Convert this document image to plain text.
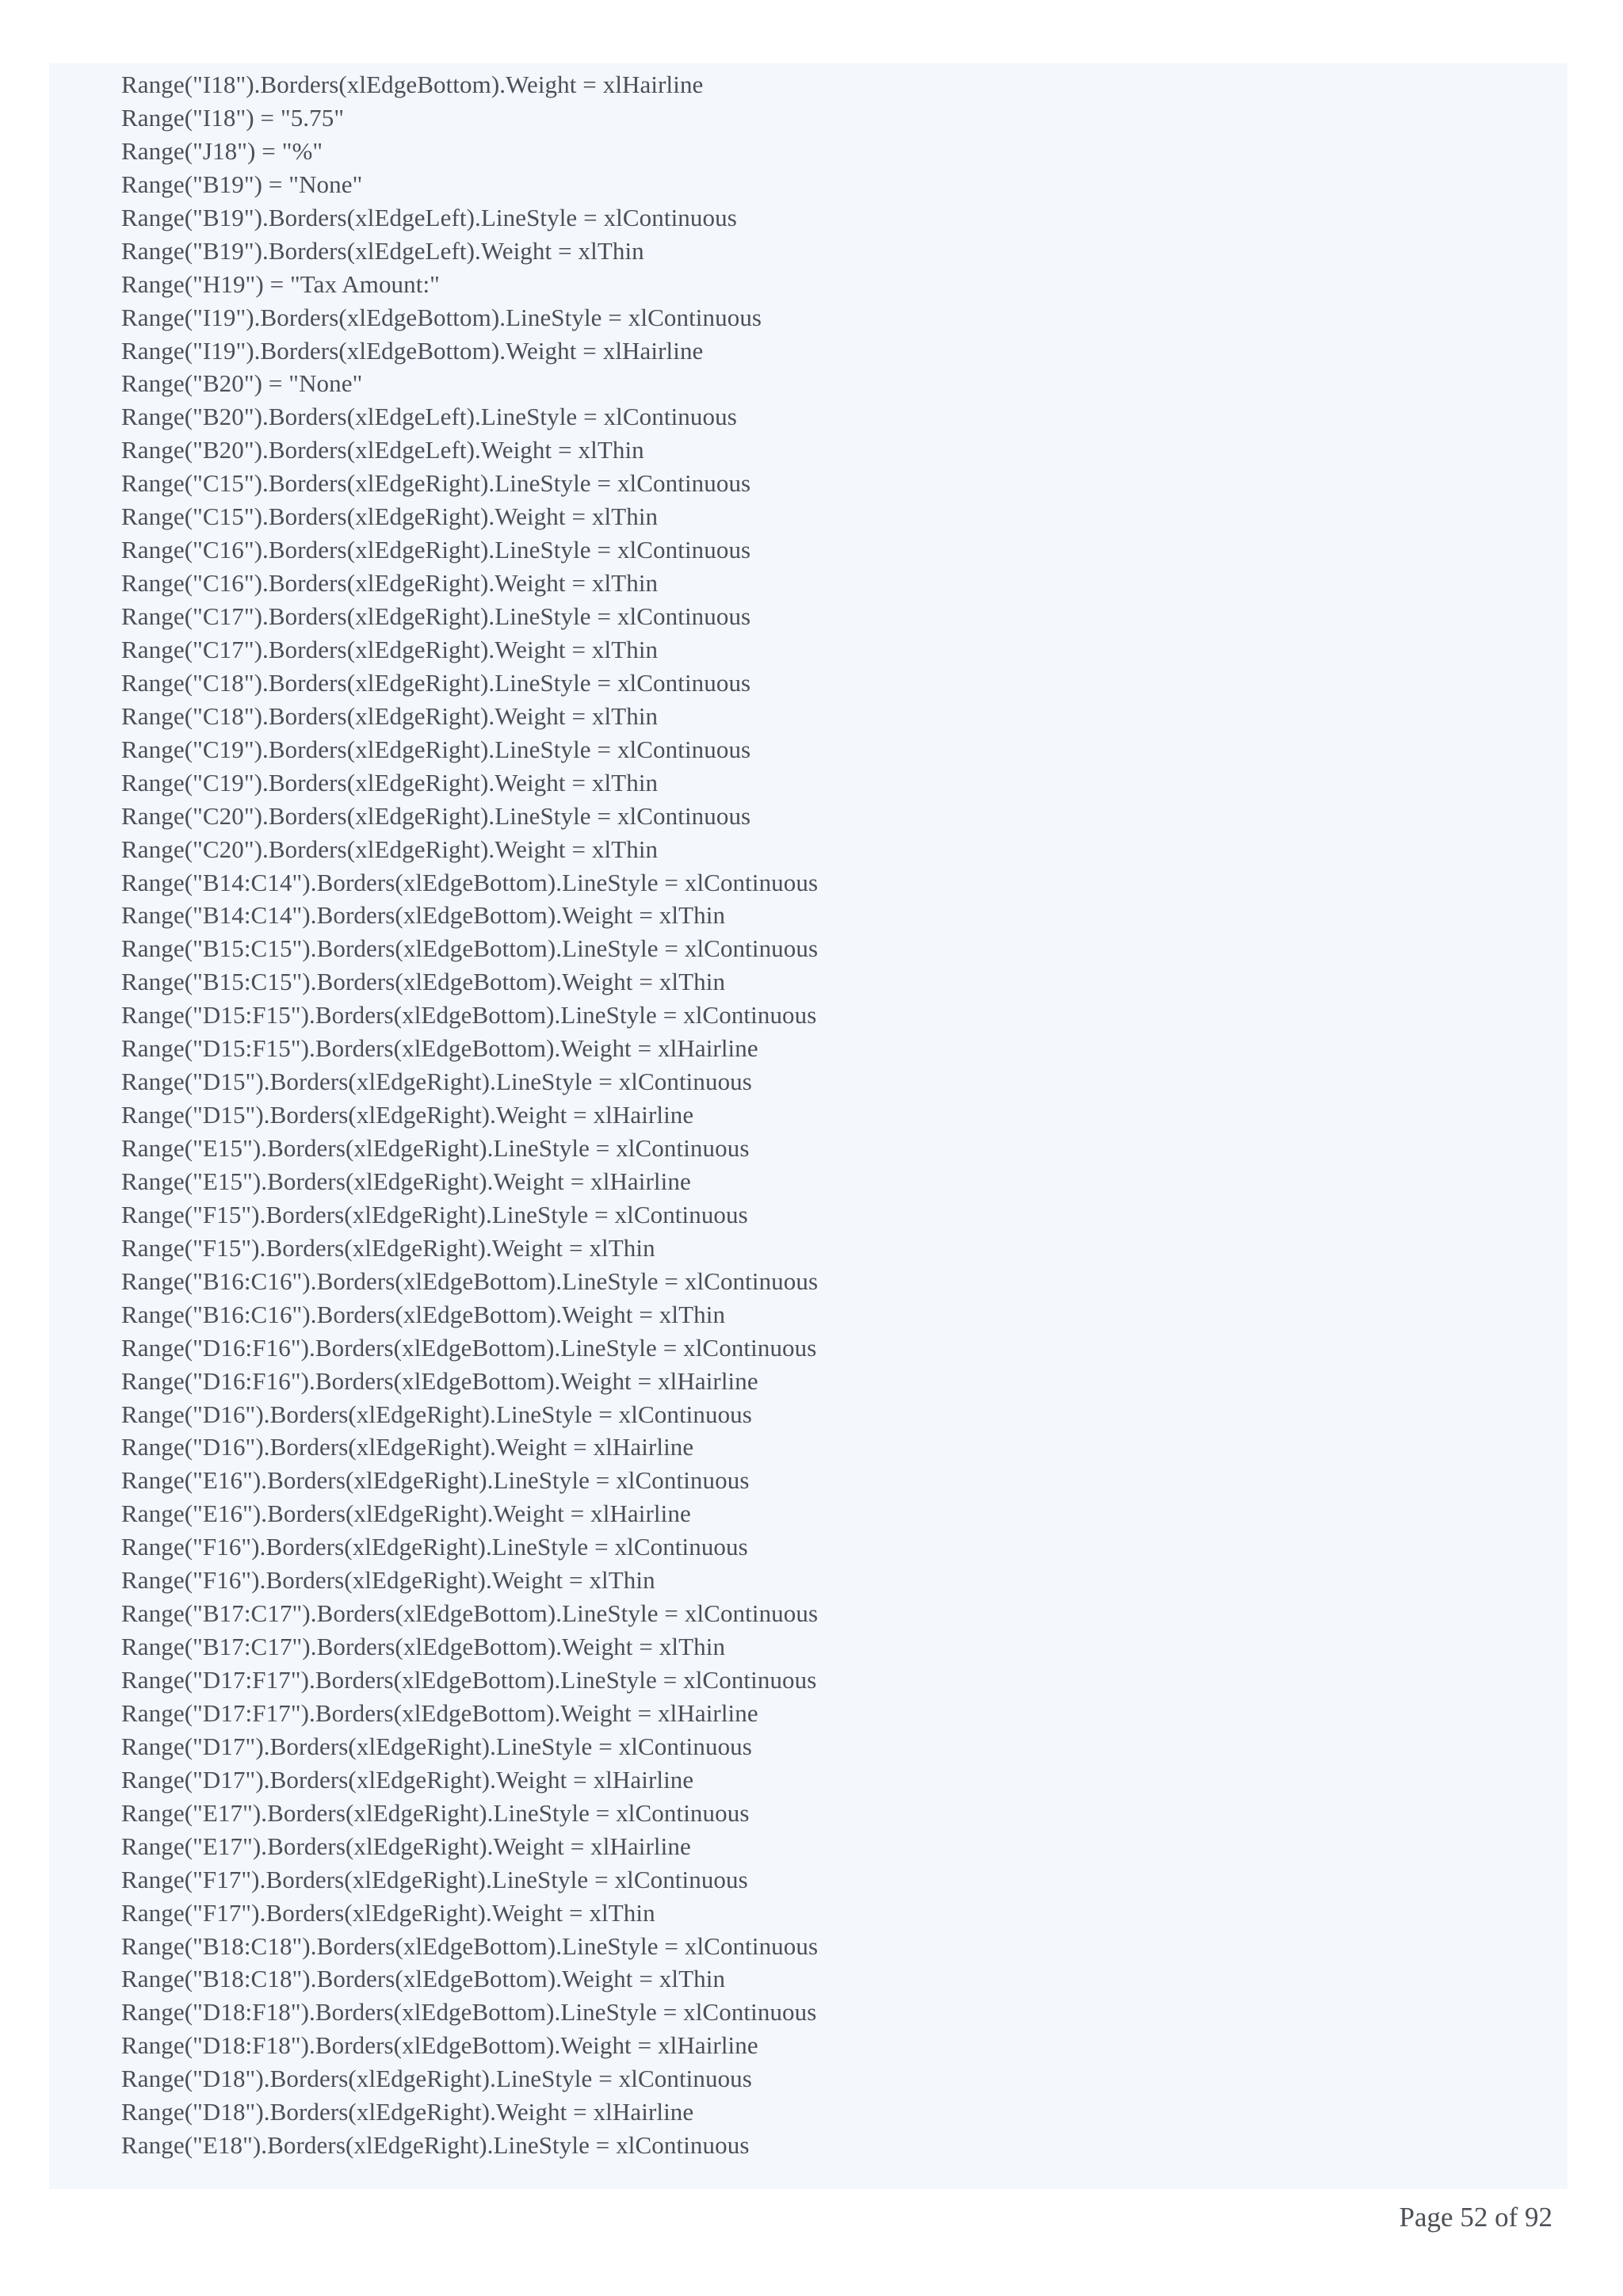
Range("I18").Borders(xlEdgeBottom).Weight = xlHairline
Range("I18") = "5.75"
Range("J18") = "%"
Range("B19") = "None"
Range("B19").Borders(xlEdgeLeft).LineStyle = xlContinuous
Range("B19").Borders(xlEdgeLeft).Weight = xlThin
Range("H19") = "Tax Amount:"
Range("I19").Borders(xlEdgeBottom).LineStyle = xlContinuous
Range("I19").Borders(xlEdgeBottom).Weight = xlHairline
Range("B20") = "None"
Range("B20").Borders(xlEdgeLeft).LineStyle = xlContinuous
Range("B20").Borders(xlEdgeLeft).Weight = xlThin
Range("C15").Borders(xlEdgeRight).LineStyle = xlContinuous
Range("C15").Borders(xlEdgeRight).Weight = xlThin
Range("C16").Borders(xlEdgeRight).LineStyle = xlContinuous
Range("C16").Borders(xlEdgeRight).Weight = xlThin
Range("C17").Borders(xlEdgeRight).LineStyle = xlContinuous
Range("C17").Borders(xlEdgeRight).Weight = xlThin
Range("C18").Borders(xlEdgeRight).LineStyle = xlContinuous
Range("C18").Borders(xlEdgeRight).Weight = xlThin
Range("C19").Borders(xlEdgeRight).LineStyle = xlContinuous
Range("C19").Borders(xlEdgeRight).Weight = xlThin
Range("C20").Borders(xlEdgeRight).LineStyle = xlContinuous
Range("C20").Borders(xlEdgeRight).Weight = xlThin
Range("B14:C14").Borders(xlEdgeBottom).LineStyle = xlContinuous
Range("B14:C14").Borders(xlEdgeBottom).Weight = xlThin
Range("B15:C15").Borders(xlEdgeBottom).LineStyle = xlContinuous
Range("B15:C15").Borders(xlEdgeBottom).Weight = xlThin
Range("D15:F15").Borders(xlEdgeBottom).LineStyle = xlContinuous
Range("D15:F15").Borders(xlEdgeBottom).Weight = xlHairline
Range("D15").Borders(xlEdgeRight).LineStyle = xlContinuous
Range("D15").Borders(xlEdgeRight).Weight = xlHairline
Range("E15").Borders(xlEdgeRight).LineStyle = xlContinuous
Range("E15").Borders(xlEdgeRight).Weight = xlHairline
Range("F15").Borders(xlEdgeRight).LineStyle = xlContinuous
Range("F15").Borders(xlEdgeRight).Weight = xlThin
Range("B16:C16").Borders(xlEdgeBottom).LineStyle = xlContinuous
Range("B16:C16").Borders(xlEdgeBottom).Weight = xlThin
Range("D16:F16").Borders(xlEdgeBottom).LineStyle = xlContinuous
Range("D16:F16").Borders(xlEdgeBottom).Weight = xlHairline
Range("D16").Borders(xlEdgeRight).LineStyle = xlContinuous
Range("D16").Borders(xlEdgeRight).Weight = xlHairline
Range("E16").Borders(xlEdgeRight).LineStyle = xlContinuous
Range("E16").Borders(xlEdgeRight).Weight = xlHairline
Range("F16").Borders(xlEdgeRight).LineStyle = xlContinuous
Range("F16").Borders(xlEdgeRight).Weight = xlThin
Range("B17:C17").Borders(xlEdgeBottom).LineStyle = xlContinuous
Range("B17:C17").Borders(xlEdgeBottom).Weight = xlThin
Range("D17:F17").Borders(xlEdgeBottom).LineStyle = xlContinuous
Range("D17:F17").Borders(xlEdgeBottom).Weight = xlHairline
Range("D17").Borders(xlEdgeRight).LineStyle = xlContinuous
Range("D17").Borders(xlEdgeRight).Weight = xlHairline
Range("E17").Borders(xlEdgeRight).LineStyle = xlContinuous
Range("E17").Borders(xlEdgeRight).Weight = xlHairline
Range("F17").Borders(xlEdgeRight).LineStyle = xlContinuous
Range("F17").Borders(xlEdgeRight).Weight = xlThin
Range("B18:C18").Borders(xlEdgeBottom).LineStyle = xlContinuous
Range("B18:C18").Borders(xlEdgeBottom).Weight = xlThin
Range("D18:F18").Borders(xlEdgeBottom).LineStyle = xlContinuous
Range("D18:F18").Borders(xlEdgeBottom).Weight = xlHairline
Range("D18").Borders(xlEdgeRight).LineStyle = xlContinuous
Range("D18").Borders(xlEdgeRight).Weight = xlHairline
Range("E18").Borders(xlEdgeRight).LineStyle = xlContinuous
Page 52 of 92
